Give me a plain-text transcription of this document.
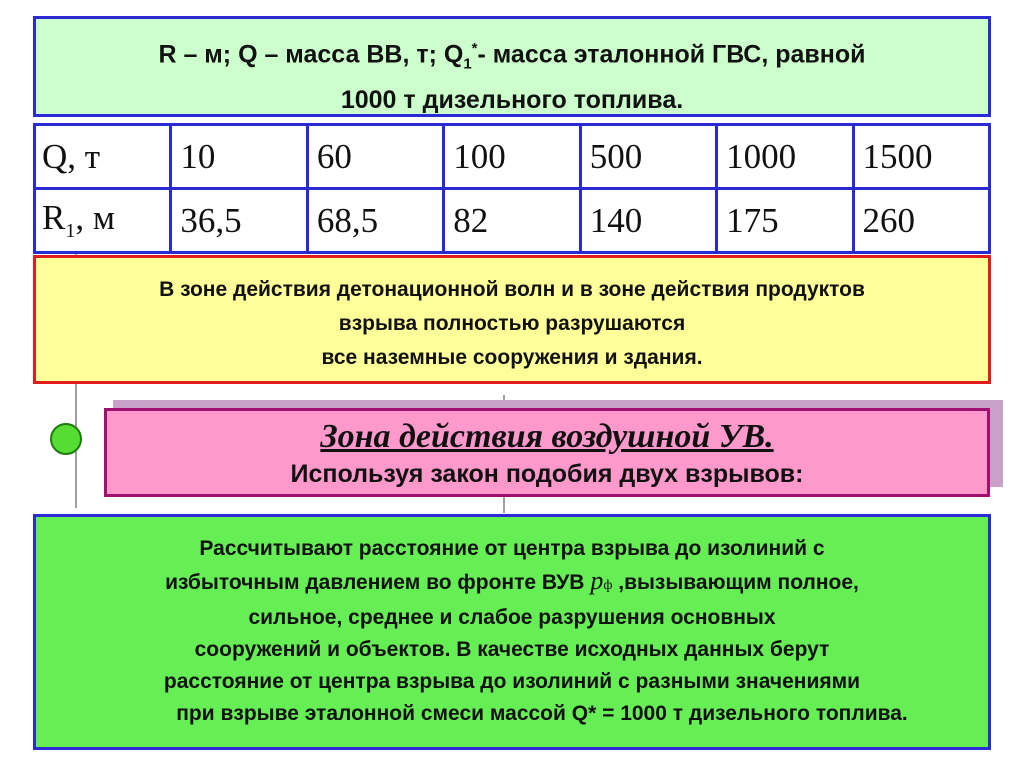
R – м; Q – масса ВВ, т; $Q_1^*-$ масса эталонной ГВС, равной
1000 т дизельного топлива.
Q, т	10	60	100	500	1000	1500
$R_1$, м	36,5	68,5	82	140	175	260
В зоне действия детонационной волн и в зоне действия продуктов
взрыва полностью разрушаются
все наземные сооружения и здания.
Зона действия воздушной УВ.
Используя закон подобия двух взрывов:
Рассчитывают расстояние от центра взрыва до изолиний с
избыточным давлением во фронте ВУВ pф ,вызывающим полное,
сильное, среднее и слабое разрушения основных
сооружений и объектов. В качестве исходных данных берут
расстояние от центра взрыва до изолиний с разными значениями
при взрыве эталонной смеси массой Q* = 1000 т дизельного топлива.
